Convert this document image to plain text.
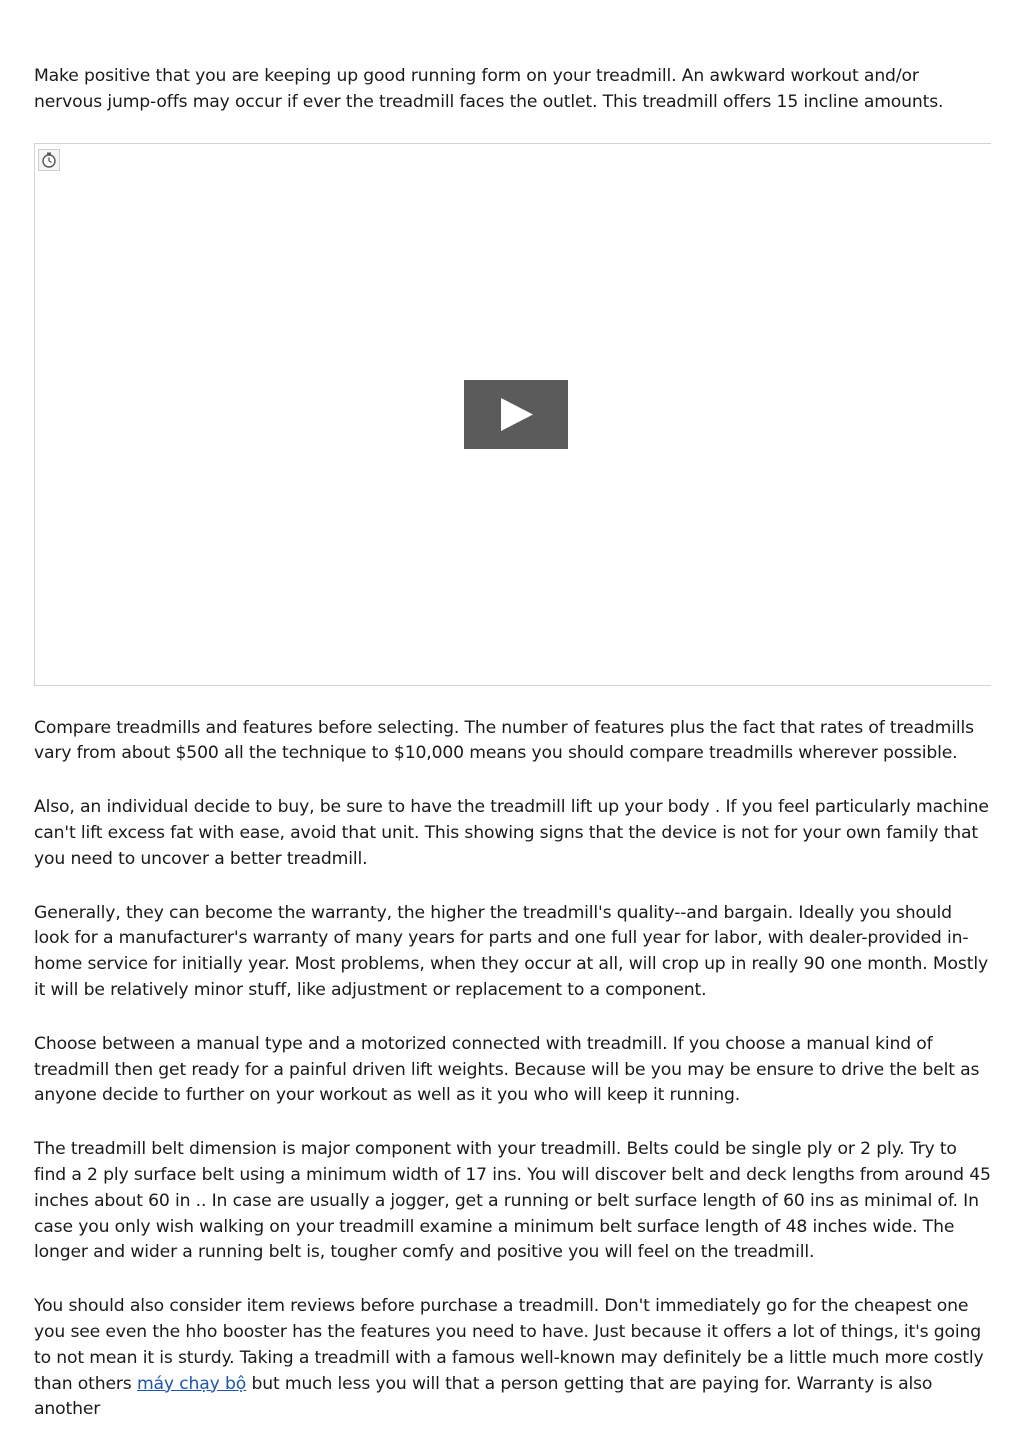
Make positive that you are keeping up good running form on your treadmill. An awkward workout and/or nervous jump-offs may occur if ever the treadmill faces the outlet. This treadmill offers 15 incline amounts.

Compare treadmills and features before selecting. The number of features plus the fact that rates of treadmills vary from about $500 all the technique to $10,000 means you should compare treadmills wherever possible.

Also, an individual decide to buy, be sure to have the treadmill lift up your body . If you feel particularly machine can't lift excess fat with ease, avoid that unit. This showing signs that the device is not for your own family that you need to uncover a better treadmill.

Generally, they can become the warranty, the higher the treadmill's quality--and bargain. Ideally you should look for a manufacturer's warranty of many years for parts and one full year for labor, with dealer-provided in-home service for initially year. Most problems, when they occur at all, will crop up in really 90 one month. Mostly it will be relatively minor stuff, like adjustment or replacement to a component.

Choose between a manual type and a motorized connected with treadmill. If you choose a manual kind of treadmill then get ready for a painful driven lift weights. Because will be you may be ensure to drive the belt as anyone decide to further on your workout as well as it you who will keep it running.

The treadmill belt dimension is major component with your treadmill. Belts could be single ply or 2 ply. Try to find a 2 ply surface belt using a minimum width of 17 ins. You will discover belt and deck lengths from around 45 inches about 60 in .. In case are usually a jogger, get a running or belt surface length of 60 ins as minimal of. In case you only wish walking on your treadmill examine a minimum belt surface length of 48 inches wide. The longer and wider a running belt is, tougher comfy and positive you will feel on the treadmill.

You should also consider item reviews before purchase a treadmill. Don't immediately go for the cheapest one you see even the hho booster has the features you need to have. Just because it offers a lot of things, it's going to not mean it is sturdy. Taking a treadmill with a famous well-known may definitely be a little much more costly than others máy chạy bộ but much less you will that a person getting that are paying for. Warranty is also another
